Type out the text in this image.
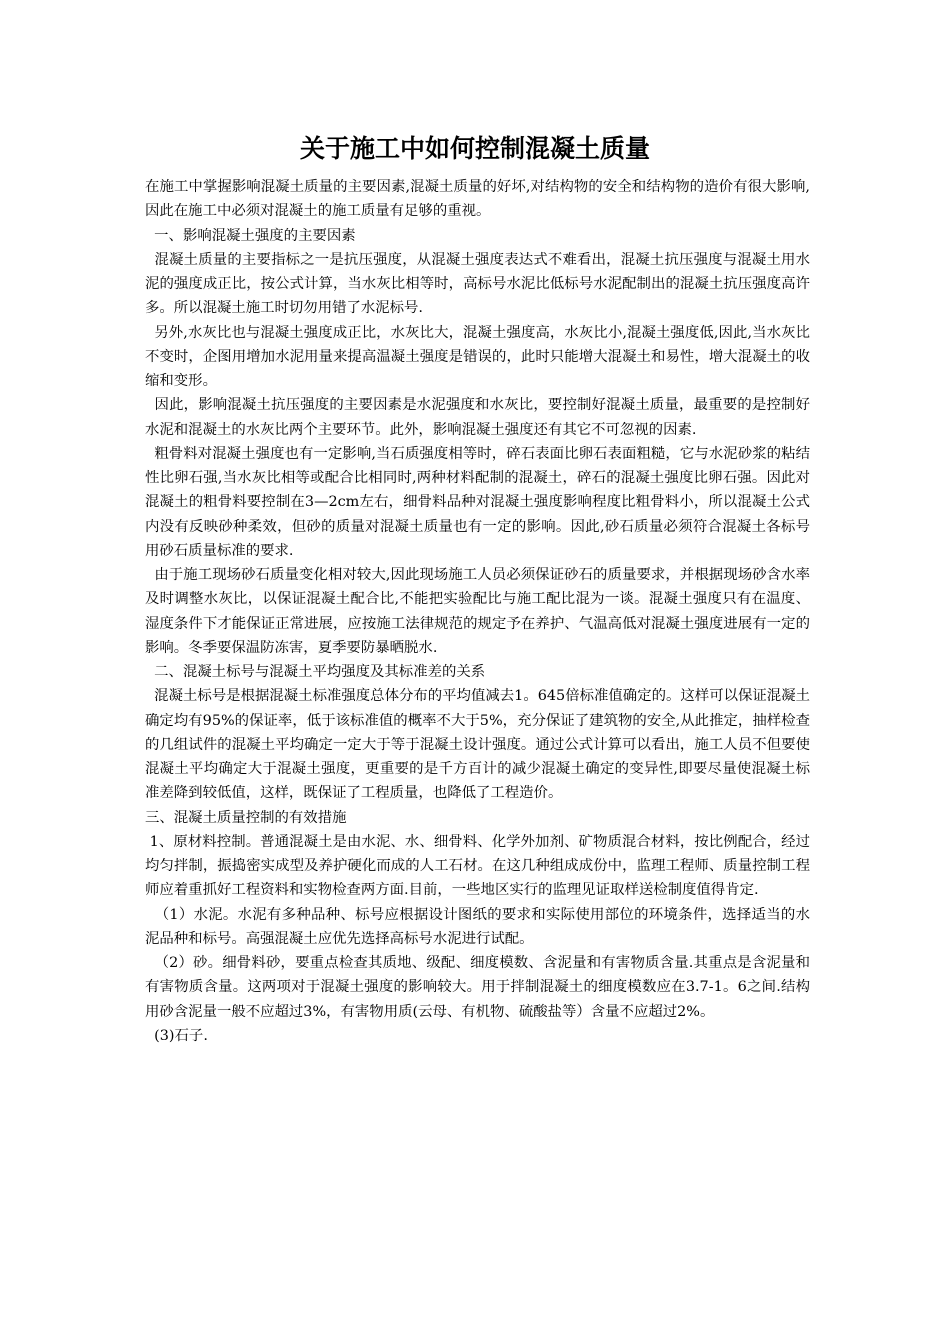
关于施工中如何控制混凝土质量

在施工中掌握影响混凝土质量的主要因素,混凝土质量的好坏,对结构物的安全和结构物的造价有很大影响,因此在施工中必须对混凝土的施工质量有足够的重视。

一、影响混凝土强度的主要因素

混凝土质量的主要指标之一是抗压强度，从混凝土强度表达式不难看出，混凝土抗压强度与混凝土用水泥的强度成正比，按公式计算，当水灰比相等时，高标号水泥比低标号水泥配制出的混凝土抗压强度高许多。所以混凝土施工时切勿用错了水泥标号.

另外,水灰比也与混凝土强度成正比，水灰比大，混凝土强度高，水灰比小,混凝土强度低,因此,当水灰比不变时，企图用增加水泥用量来提高温凝土强度是错误的，此时只能增大混凝土和易性，增大混凝土的收缩和变形。

因此，影响混凝土抗压强度的主要因素是水泥强度和水灰比，要控制好混凝土质量，最重要的是控制好水泥和混凝土的水灰比两个主要环节。此外，影响混凝土强度还有其它不可忽视的因素.

粗骨料对混凝土强度也有一定影响,当石质强度相等时，碎石表面比卵石表面粗糙，它与水泥砂浆的粘结性比卵石强,当水灰比相等或配合比相同时,两种材料配制的混凝土，碎石的混凝土强度比卵石强。因此对混凝土的粗骨料要控制在3—2cm左右，细骨料品种对混凝土强度影响程度比粗骨料小，所以混凝土公式内没有反映砂种柔效，但砂的质量对混凝土质量也有一定的影响。因此,砂石质量必须符合混凝土各标号用砂石质量标准的要求.

由于施工现场砂石质量变化相对较大,因此现场施工人员必须保证砂石的质量要求，并根据现场砂含水率及时调整水灰比，以保证混凝土配合比,不能把实验配比与施工配比混为一谈。混凝土强度只有在温度、湿度条件下才能保证正常进展，应按施工法律规范的规定予在养护、气温高低对混凝土强度进展有一定的影响。冬季要保温防冻害，夏季要防暴晒脱水.

二、混凝土标号与混凝土平均强度及其标准差的关系

混凝土标号是根据混凝土标准强度总体分布的平均值减去1。645倍标准值确定的。这样可以保证混凝土确定均有95%的保证率，低于该标准值的概率不大于5%，充分保证了建筑物的安全,从此推定，抽样检查的几组试件的混凝土平均确定一定大于等于混凝土设计强度。通过公式计算可以看出，施工人员不但要使混凝土平均确定大于混凝土强度，更重要的是千方百计的减少混凝土确定的变异性,即要尽量使混凝土标准差降到较低值，这样，既保证了工程质量，也降低了工程造价。

三、混凝土质量控制的有效措施

1、原材料控制。普通混凝土是由水泥、水、细骨料、化学外加剂、矿物质混合材料，按比例配合，经过均匀拌制，振捣密实成型及养护硬化而成的人工石材。在这几种组成成份中，监理工程师、质量控制工程师应着重抓好工程资料和实物检查两方面.目前，一些地区实行的监理见证取样送检制度值得肯定.

（1）水泥。水泥有多种品种、标号应根据设计图纸的要求和实际使用部位的环境条件，选择适当的水泥品种和标号。高强混凝土应优先选择高标号水泥进行试配。

（2）砂。细骨料砂，要重点检查其质地、级配、细度模数、含泥量和有害物质含量.其重点是含泥量和有害物质含量。这两项对于混凝土强度的影响较大。用于拌制混凝土的细度模数应在3.7-1。6之间.结构用砂含泥量一般不应超过3%，有害物用质(云母、有机物、硫酸盐等）含量不应超过2%。

(3)石子.
